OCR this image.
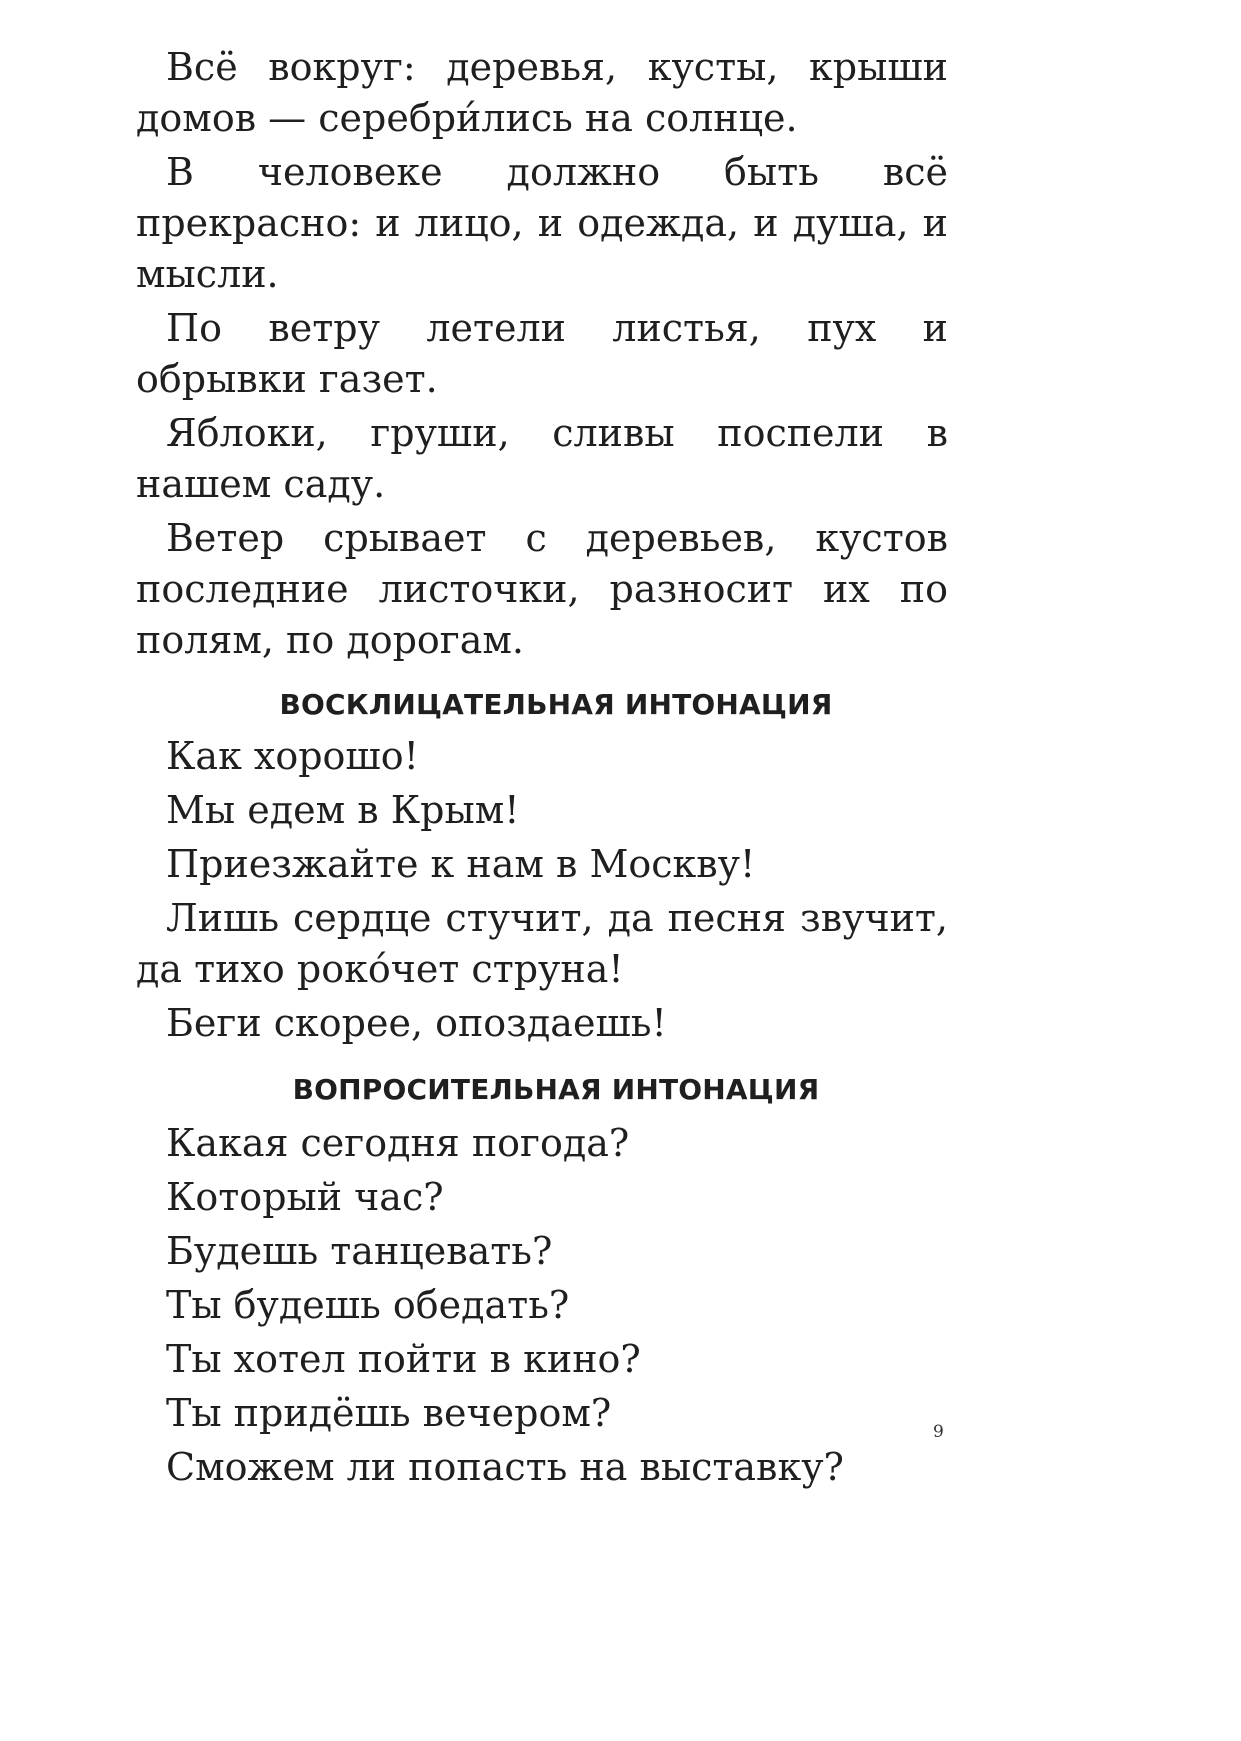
Всё вокруг: деревья, кусты, крыши домов — серебри́лись на солнце.

В человеке должно быть всё прекрасно: и лицо, и одежда, и душа, и мысли.

По ветру летели листья, пух и обрывки газет.

Яблоки, груши, сливы поспели в нашем саду.

Ветер срывает с деревьев, кустов последние листочки, разносит их по полям, по дорогам.

ВОСКЛИЦАТЕЛЬНАЯ ИНТОНАЦИЯ

Как хорошо!

Мы едем в Крым!

Приезжайте к нам в Москву!

Лишь сердце стучит, да песня звучит, да тихо роко́чет струна!

Беги скорее, опоздаешь!

ВОПРОСИТЕЛЬНАЯ ИНТОНАЦИЯ

Какая сегодня погода?

Который час?

Будешь танцевать?

Ты будешь обедать?

Ты хотел пойти в кино?

Ты придёшь вечером?

Сможем ли попасть на выставку?

9
